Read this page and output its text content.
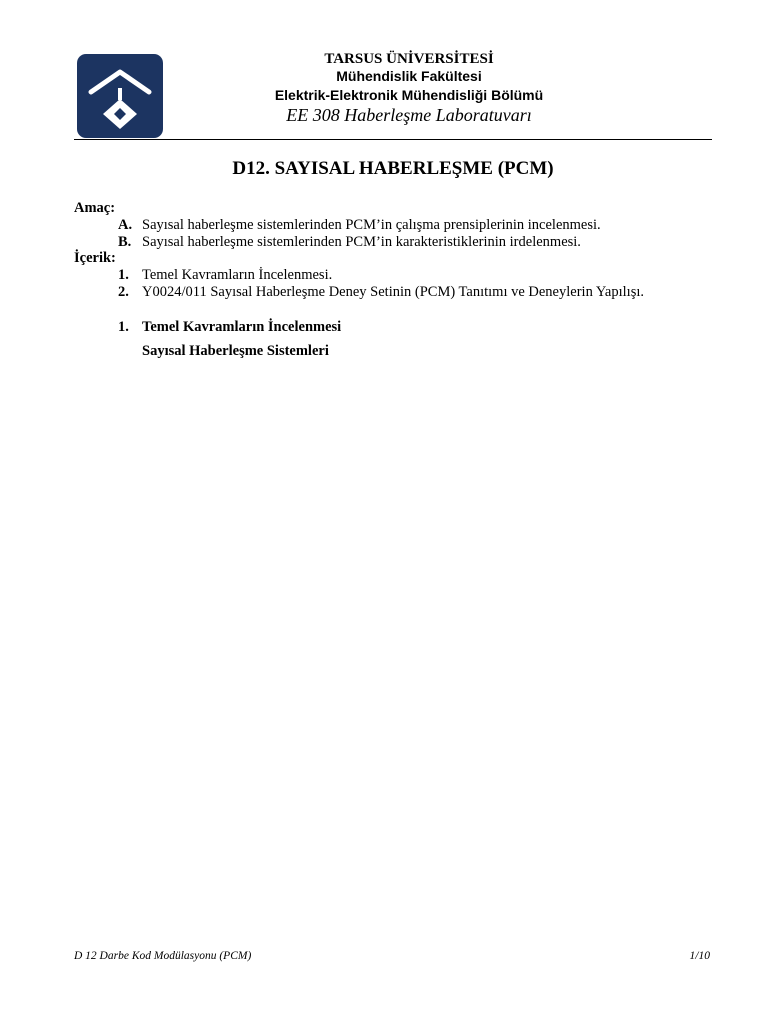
TARSUS ÜNİVERSİTESİ
Mühendislik Fakültesi
Elektrik-Elektronik Mühendisliği Bölümü
EE 308 Haberleşme Laboratuvarı
D12. SAYISAL HABERLEŞME (PCM)
Amaç:
A. Sayısal haberleşme sistemlerinden PCM’in çalışma prensiplerinin incelenmesi.
B. Sayısal haberleşme sistemlerinden PCM’in karakteristiklerinin irdelenmesi.
İçerik:
1. Temel Kavramların İncelenmesi.
2. Y0024/011 Sayısal Haberleşme Deney Setinin (PCM) Tanıtımı ve Deneylerin Yapılışı.
1. Temel Kavramların İncelenmesi
Sayısal Haberleşme Sistemleri
D 12 Darbe Kod Modülasyonu (PCM)	1/10
